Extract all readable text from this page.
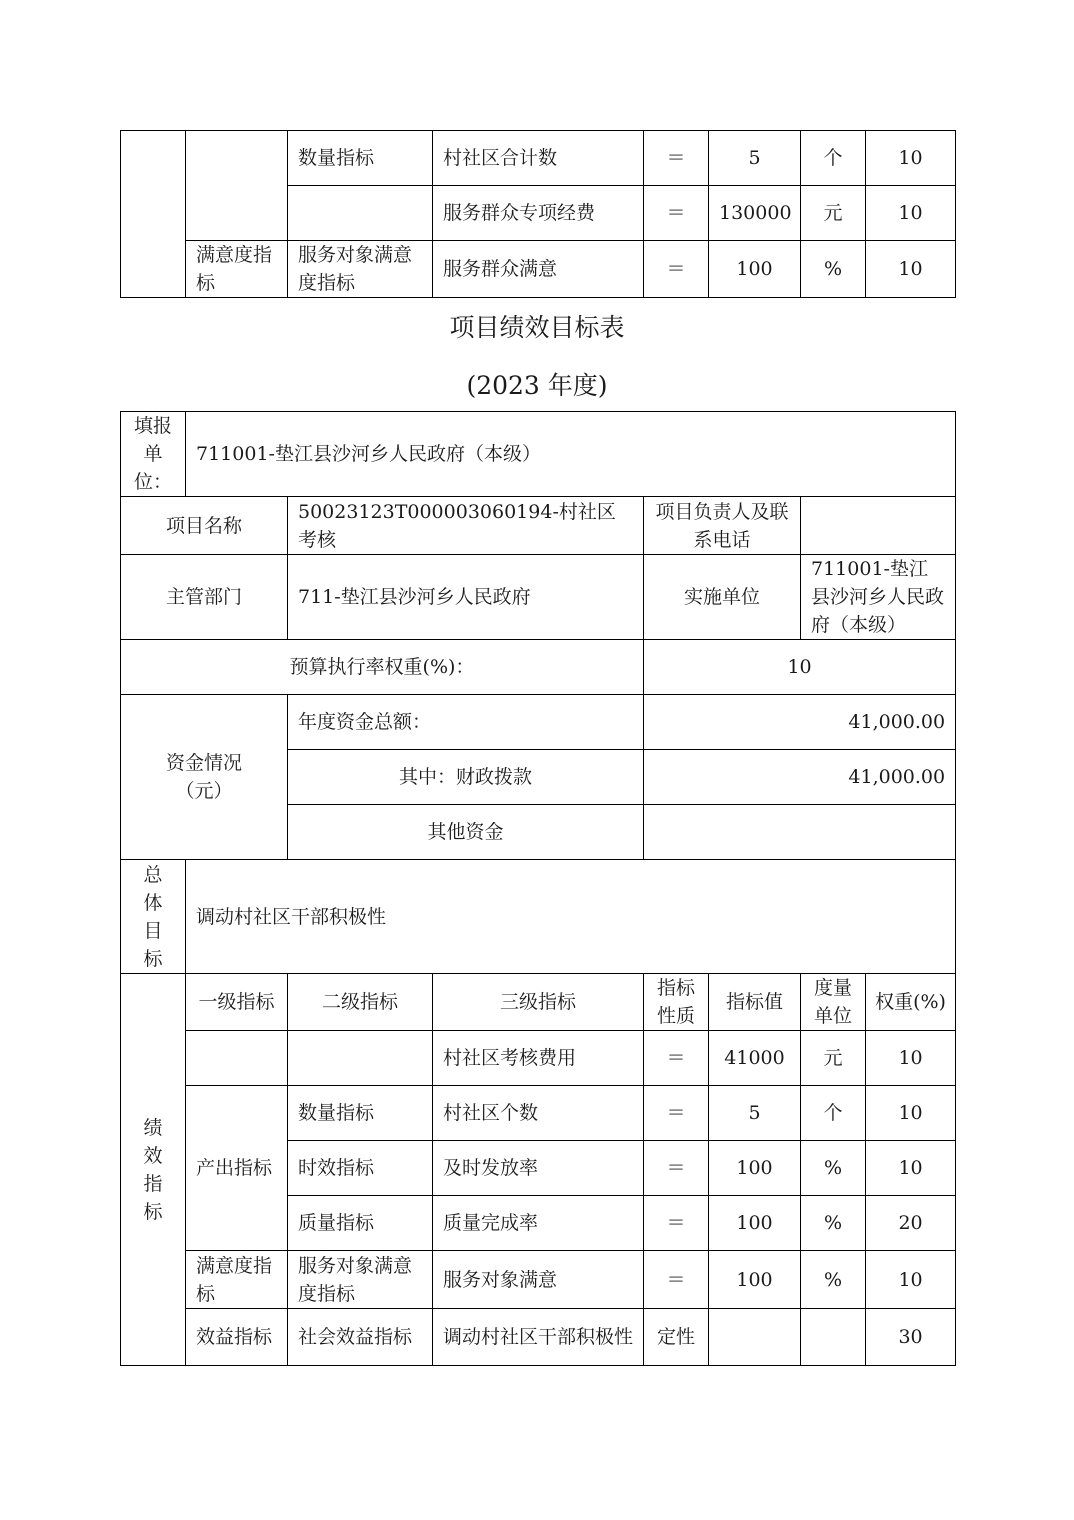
		数量指标	村社区合计数	＝	5	个	10
			服务群众专项经费	＝	130000	元	10
	满意度指标	服务对象满意度指标	服务群众满意	＝	100	%	10
项目绩效目标表
(2023 年度)
填报单位：	711001-垫江县沙河乡人民政府（本级）						
项目名称		50023123T000003060194-村社区考核		项目负责人及联系电话			
主管部门		711-垫江县沙河乡人民政府		实施单位		711001-垫江县沙河乡人民政府（本级）	
预算执行率权重(%)：				10			
资金情况（元）		年度资金总额：		41,000.00			
		其中：财政拨款		41,000.00			
		其他资金					
总体目标	调动村社区干部积极性						
绩效指标	一级指标	二级指标	三级指标	指标性质	指标值	度量单位	权重(%)
			村社区考核费用	＝	41000	元	10
	产出指标	数量指标	村社区个数	＝	5	个	10
		时效指标	及时发放率	＝	100	%	10
		质量指标	质量完成率	＝	100	%	20
	满意度指标	服务对象满意度指标	服务对象满意	＝	100	%	10
	效益指标	社会效益指标	调动村社区干部积极性	定性			30
